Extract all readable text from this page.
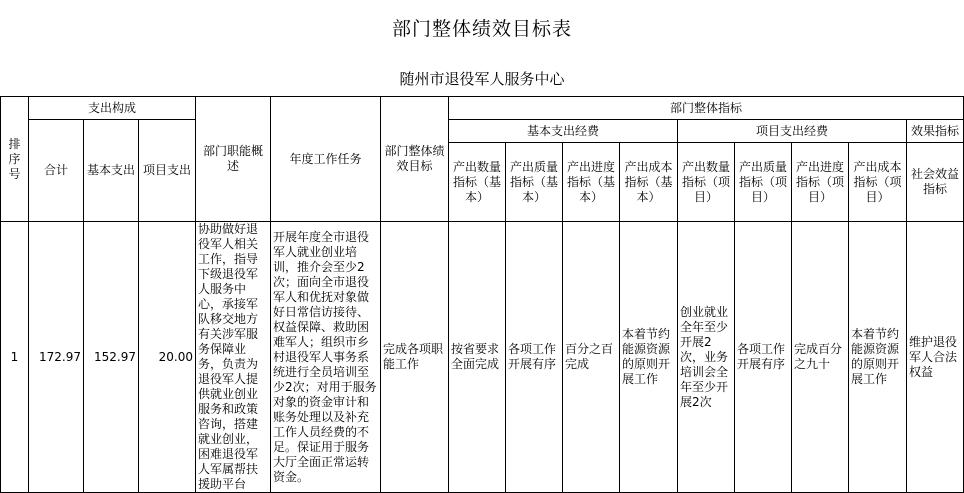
部门整体绩效目标表
随州市退役军人服务中心
排序号	支出构成			部门职能概述	年度工作任务	部门整体绩效目标	部门整体指标								
	合计	基本支出	项目支出				基本支出经费				项目支出经费				效果指标
							产出数量指标（基本）	产出质量指标（基本）	产出进度指标（基本）	产出成本指标（基本）	产出数量指标（项目）	产出质量指标（项目）	产出进度指标（项目）	产出成本指标（项目）	社会效益指标
1	172.97	152.97	20.00	协助做好退役军人相关工作，指导下级退役军人服务中心，承接军队移交地方有关涉军服务保障业务，负责为退役军人提供就业创业服务和政策咨询，搭建就业创业，困难退役军人军属帮扶援助平台	开展年度全市退役军人就业创业培训，推介会至少2次；面向全市退役军人和优抚对象做好日常信访接待、权益保障、救助困难军人；组织市乡村退役军人事务系统进行全员培训至少2次；对用于服务对象的资金审计和账务处理以及补充工作人员经费的不足。保证用于服务大厅全面正常运转资金。	完成各项职能工作	按省要求全面完成	各项工作开展有序	百分之百完成	本着节约能源资源的原则开展工作	创业就业全年至少开展2次，业务培训会全年至少开展2次	各项工作开展有序	完成百分之九十	本着节约能源资源的原则开展工作	维护退役军人合法权益
